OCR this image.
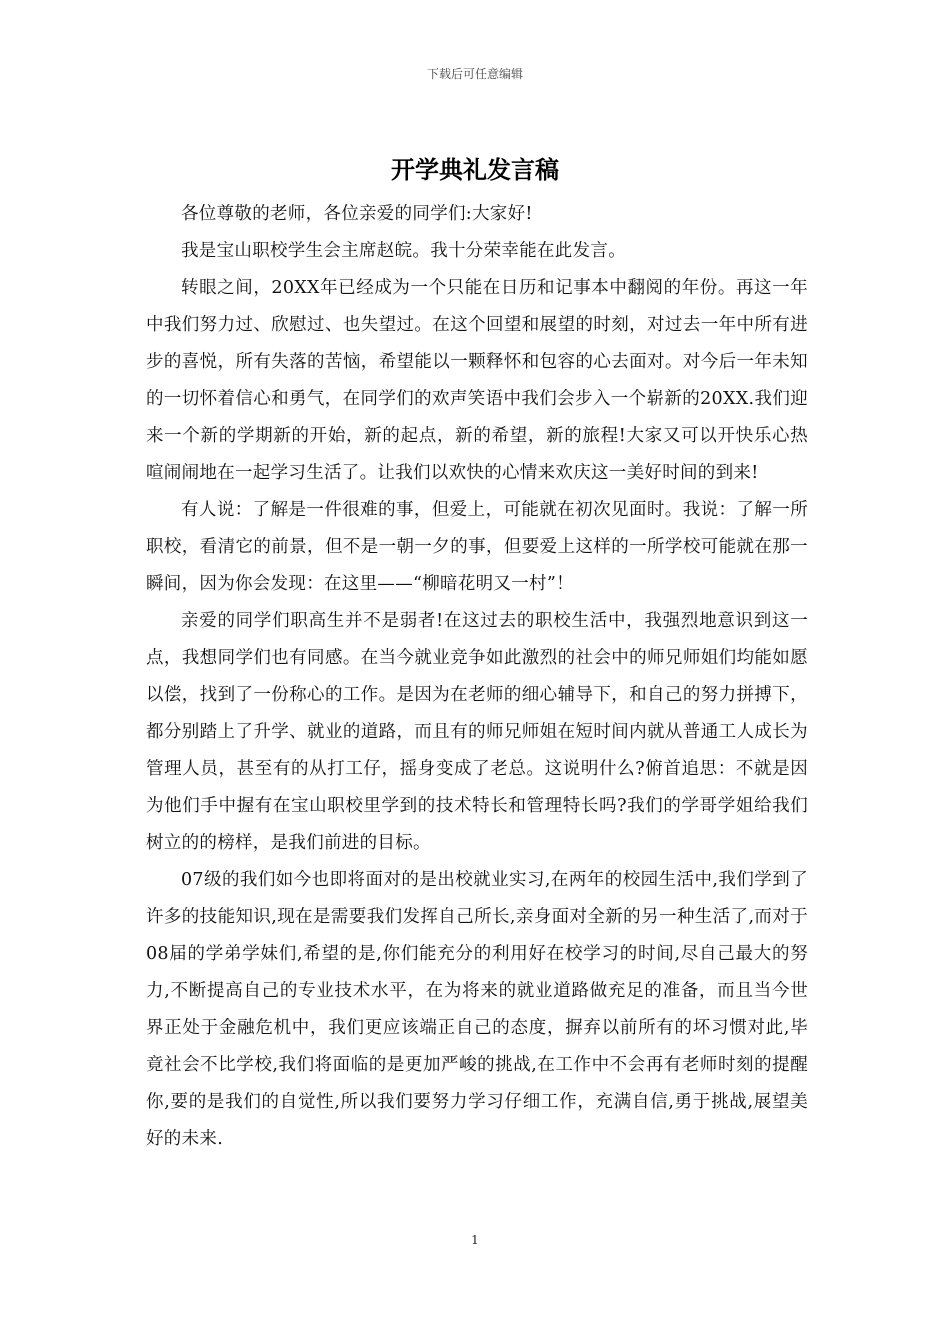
下载后可任意编辑
开学典礼发言稿

各位尊敬的老师，各位亲爱的同学们:大家好!

我是宝山职校学生会主席赵皖。我十分荣幸能在此发言。

转眼之间，20XX年已经成为一个只能在日历和记事本中翻阅的年份。再这一年中我们努力过、欣慰过、也失望过。在这个回望和展望的时刻，对过去一年中所有进步的喜悦，所有失落的苦恼，希望能以一颗释怀和包容的心去面对。对今后一年未知的一切怀着信心和勇气，在同学们的欢声笑语中我们会步入一个崭新的20XX.我们迎来一个新的学期新的开始，新的起点，新的希望，新的旅程!大家又可以开快乐心热喧闹闹地在一起学习生活了。让我们以欢快的心情来欢庆这一美好时间的到来!

有人说：了解是一件很难的事，但爱上，可能就在初次见面时。我说：了解一所职校，看清它的前景，但不是一朝一夕的事，但要爱上这样的一所学校可能就在那一瞬间，因为你会发现：在这里——“柳暗花明又一村”！

亲爱的同学们职高生并不是弱者!在这过去的职校生活中，我强烈地意识到这一点，我想同学们也有同感。在当今就业竞争如此激烈的社会中的师兄师姐们均能如愿以偿，找到了一份称心的工作。是因为在老师的细心辅导下，和自己的努力拼搏下，都分别踏上了升学、就业的道路，而且有的师兄师姐在短时间内就从普通工人成长为管理人员，甚至有的从打工仔，摇身变成了老总。这说明什么?俯首追思：不就是因为他们手中握有在宝山职校里学到的技术特长和管理特长吗?我们的学哥学姐给我们树立的的榜样，是我们前进的目标。

07级的我们如今也即将面对的是出校就业实习,在两年的校园生活中,我们学到了许多的技能知识,现在是需要我们发挥自己所长,亲身面对全新的另一种生活了,而对于08届的学弟学妹们,希望的是,你们能充分的利用好在校学习的时间,尽自己最大的努力,不断提高自己的专业技术水平，在为将来的就业道路做充足的准备，而且当今世界正处于金融危机中，我们更应该端正自己的态度，摒弃以前所有的坏习惯对此,毕竟社会不比学校,我们将面临的是更加严峻的挑战,在工作中不会再有老师时刻的提醒你,要的是我们的自觉性,所以我们要努力学习仔细工作，充满自信,勇于挑战,展望美好的未来.

1
